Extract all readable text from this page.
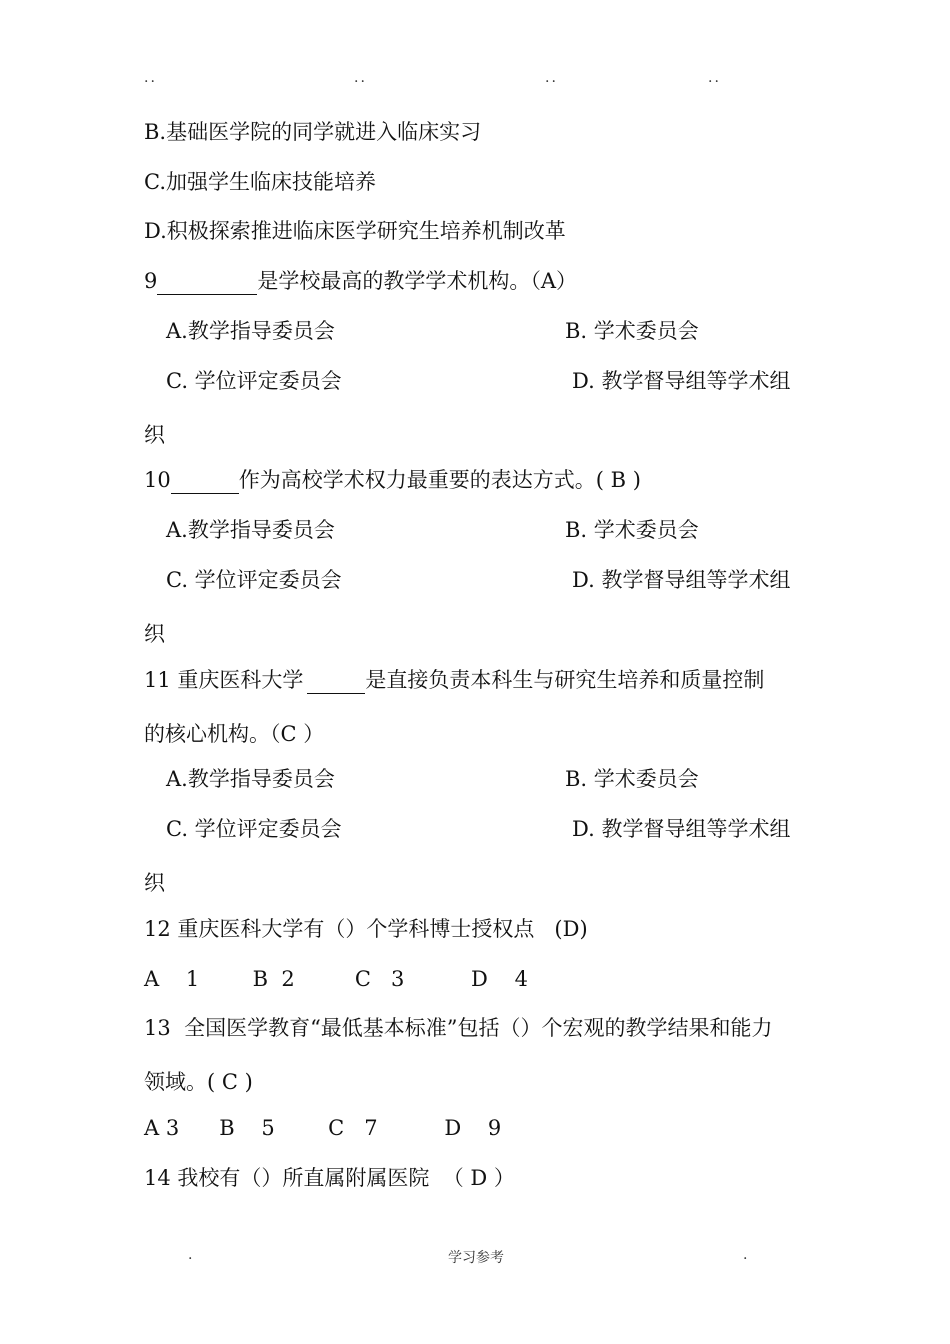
..	..	..	..
B.基础医学院的同学就进入临床实习
C.加强学生临床技能培养
D.积极探索推进临床医学研究生培养机制改革
9	是学校最高的教学学术机构。（A）
A.教学指导委员会	B. 学术委员会
C. 学位评定委员会	D. 教学督导组等学术组
织
10	作为高校学术权力最重要的表达方式。( B )
A.教学指导委员会	B. 学术委员会
C. 学位评定委员会	D. 教学督导组等学术组
织
11 重庆医科大学	是直接负责本科生与研究生培养和质量控制
的核心机构。（C ）
A.教学指导委员会	B. 学术委员会
C. 学位评定委员会	D. 教学督导组等学术组
织
12 重庆医科大学有（）个学科博士授权点   (D)
A    1        B  2         C   3          D    4
13  全国医学教育“最低基本标准”包括（）个宏观的教学结果和能力
领域。( C )
A 3      B    5        C   7          D    9
14 我校有（）所直属附属医院  （ D ）
.	学习参考	.
